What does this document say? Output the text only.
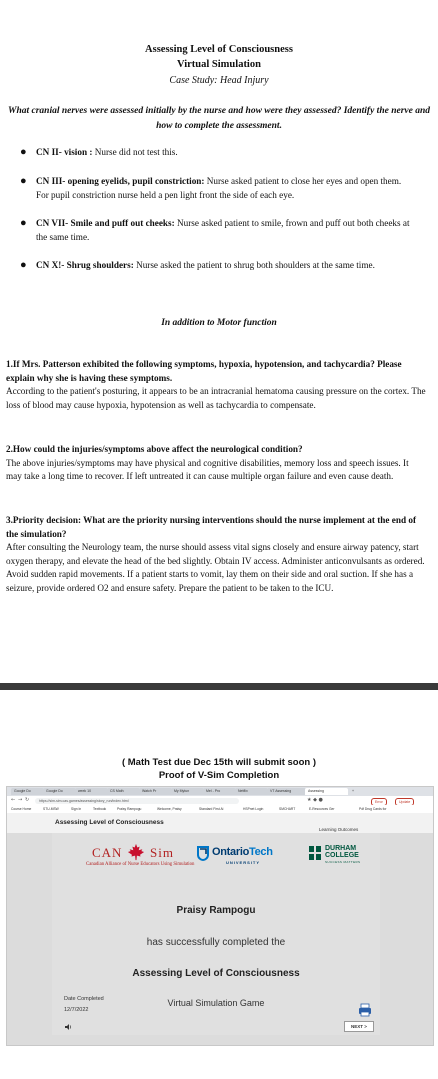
Assessing Level of Consciousness
Virtual Simulation
Case Study: Head Injury
What cranial nerves were assessed initially by the nurse and how were they assessed? Identify the nerve and how to complete the assessment.
● CN II- vision : Nurse did not test this.
● CN III- opening eyelids, pupil constriction: Nurse asked patient to close her eyes and open them. For pupil constriction nurse held a pen light front the side of each eye.
● CN VII- Smile and puff out cheeks: Nurse asked patient to smile, frown and puff out both cheeks at the same time.
● CN X!- Shrug shoulders: Nurse asked the patient to shrug both shoulders at the same time.
In addition to Motor function
1.If Mrs. Patterson exhibited the following symptoms, hypoxia, hypotension, and tachycardia? Please explain why she is having these symptoms.
According to the patient's posturing, it appears to be an intracranial hematoma causing pressure on the cortex. The loss of blood may cause hypoxia, hypotension as well as tachycardia to compensate.
2.How could the injuries/symptoms above affect the neurological condition?
The above injuries/symptoms may have physical and cognitive disabilities, memory loss and speech issues. It may take a long time to recover. If left untreated it can cause multiple organ failure and even cause death.
3.Priority decision: What are the priority nursing interventions should the nurse implement at the end of the simulation?
After consulting the Neurology team, the nurse should assess vital signs closely and ensure airway patency, start oxygen therapy, and elevate the head of the bed slightly. Obtain IV access. Administer anticonvulsants as ordered. Avoid sudden rapid movements. If a patient starts to vomit, lay them on their side and oral suction. If she has a seizure, provide ordered O2 and ensure safety. Prepare the patient to be taken to the ICU.
( Math Test due Dec 15th will submit soon )
Proof of V-Sim Completion
Google Do	Google Do	week 10	CS Math	Watch Pr	My Mytun	Mel - Pro	Netflix	VT Assessing	Assessing	+
← → ↻	https://sim-sim.cas.games/assessing/story_run/index.html	★ ◆ ●	Error	Update
Course Home	STU-MSW	Sign In	Textbook	Praisy Rampogu	Welcome, Praisy	Standard First Ai	HSPnet Login	SMCHART	E-Resources Ger	Pdf Drug Cards for
Assessing Level of Consciousness
Learning Outcomes
CAN Sim
Canadian Alliance of Nurse Educators Using Simulation
OntarioTech
UNIVERSITY
DURHAM
COLLEGE
SUCCESS MATTERS
Praisy Rampogu
has successfully completed the
Assessing Level of Consciousness
Date Completed
12/7/2022
Virtual Simulation Game
NEXT >
